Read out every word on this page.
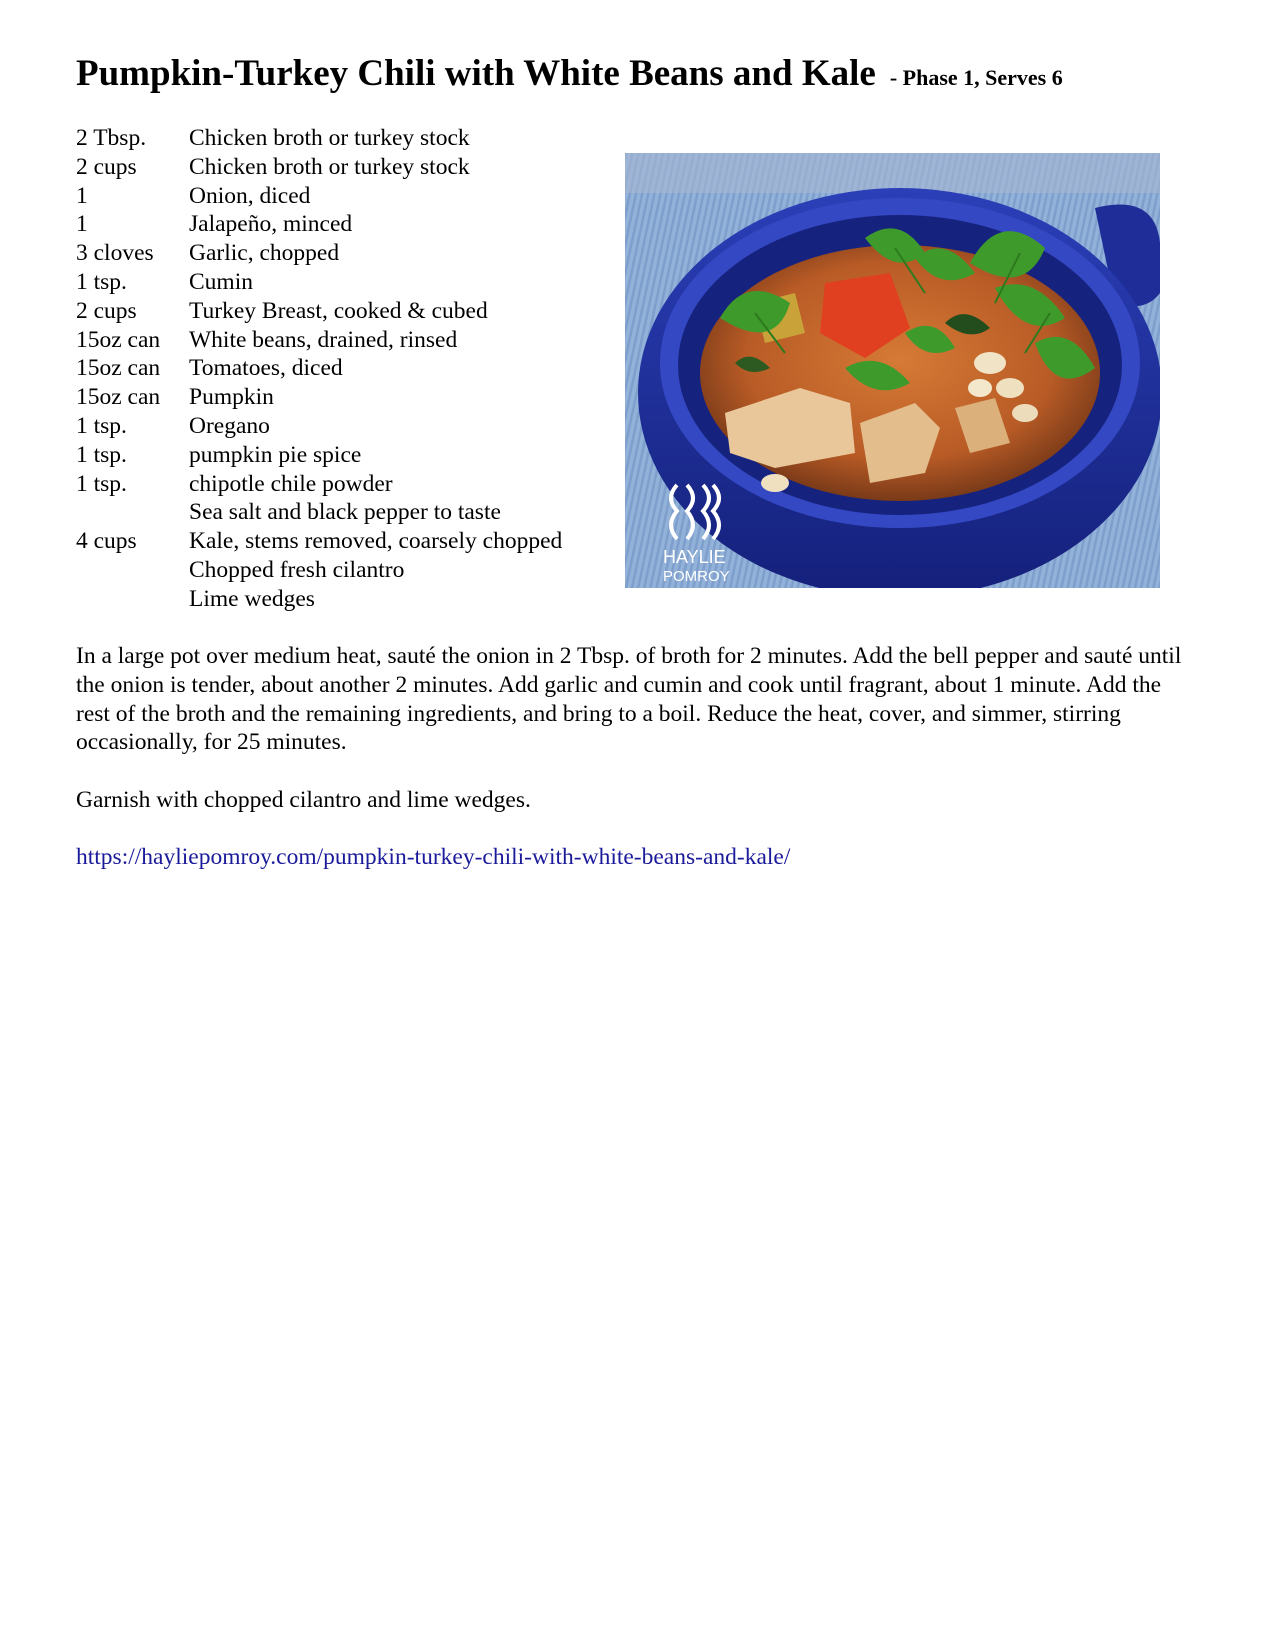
Pumpkin-Turkey Chili with White Beans and Kale - Phase 1, Serves 6
2 Tbsp.	Chicken broth or turkey stock
2 cups	Chicken broth or turkey stock
1	Onion, diced
1	Jalapeño, minced
3 cloves	Garlic, chopped
1 tsp.	Cumin
2 cups	Turkey Breast, cooked & cubed
15oz can	White beans, drained, rinsed
15oz can	Tomatoes, diced
15oz can	Pumpkin
1 tsp.	Oregano
1 tsp.	pumpkin pie spice
1 tsp.	chipotle chile powder
Sea salt and black pepper to taste
4 cups	Kale, stems removed, coarsely chopped
Chopped fresh cilantro
Lime wedges
HAYLIE
POMROY

In a large pot over medium heat, sauté the onion in 2 Tbsp. of broth for 2 minutes. Add the bell pepper and sauté until the onion is tender, about another 2 minutes. Add garlic and cumin and cook until fragrant, about 1 minute. Add the rest of the broth and the remaining ingredients, and bring to a boil. Reduce the heat, cover, and simmer, stirring occasionally, for 25 minutes.

Garnish with chopped cilantro and lime wedges.

https://hayliepomroy.com/pumpkin-turkey-chili-with-white-beans-and-kale/
